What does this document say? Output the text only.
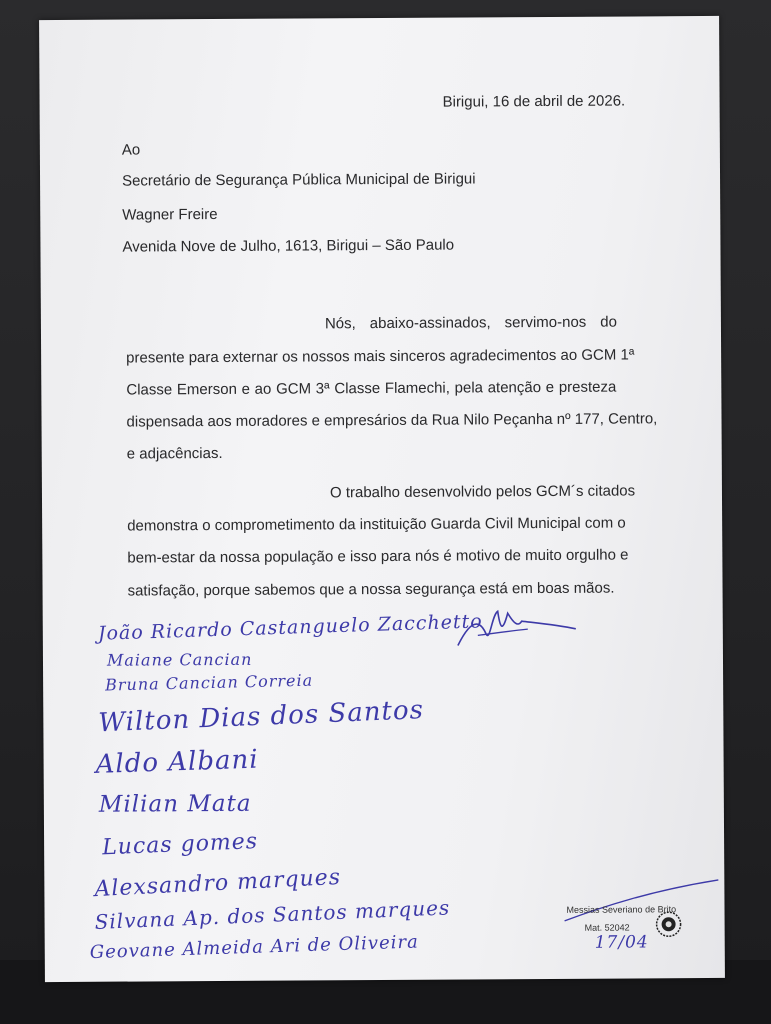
Birigui, 16 de abril de 2026.
Ao
Secretário de Segurança Pública Municipal de Birigui
Wagner Freire
Avenida Nove de Julho, 1613, Birigui – São Paulo
Nós, abaixo-assinados, servimo-nos do
presente para externar os nossos mais sinceros agradecimentos ao GCM 1ª
Classe Emerson e ao GCM 3ª Classe Flamechi, pela atenção e presteza
dispensada aos moradores e empresários da Rua Nilo Peçanha nº 177, Centro,
e adjacências.
O trabalho desenvolvido pelos GCM´s citados
demonstra o comprometimento da instituição Guarda Civil Municipal com o
bem-estar da nossa população e isso para nós é motivo de muito orgulho e
satisfação, porque sabemos que a nossa segurança está em boas mãos.
João Ricardo Castanguelo Zacchetto
Maiane Cancian
Bruna Cancian Correia
Wilton Dias dos Santos
Aldo Albani
Milian Mata
Lucas gomes
Alexsandro marques
Silvana Ap. dos Santos marques
Geovane Almeida Ari de Oliveira
Messias Severiano de Brito
Mat. 52042
17/04
